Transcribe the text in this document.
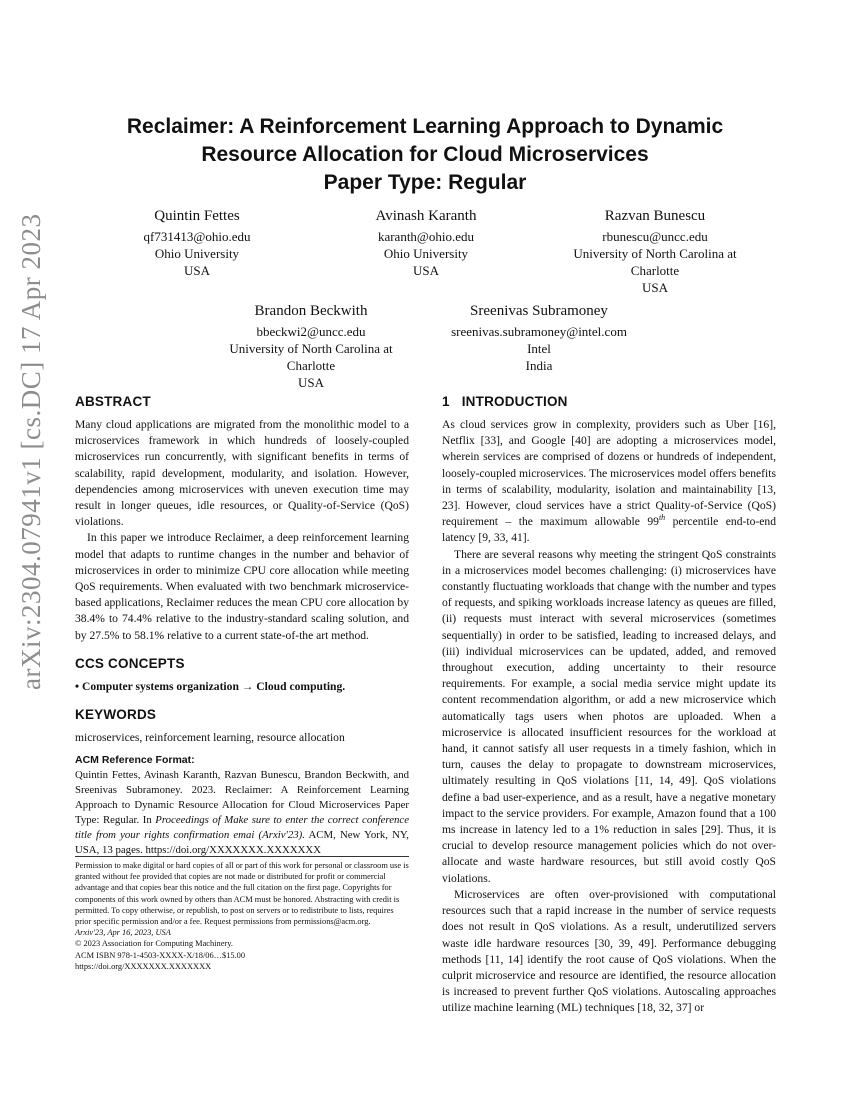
arXiv:2304.07941v1 [cs.DC] 17 Apr 2023
Reclaimer: A Reinforcement Learning Approach to Dynamic
Resource Allocation for Cloud Microservices
Paper Type: Regular
Quintin Fettes
qf731413@ohio.edu
Ohio University
USA
Avinash Karanth
karanth@ohio.edu
Ohio University
USA
Razvan Bunescu
rbunescu@uncc.edu
University of North Carolina at
Charlotte
USA
Brandon Beckwith
bbeckwi2@uncc.edu
University of North Carolina at
Charlotte
USA
Sreenivas Subramoney
sreenivas.subramoney@intel.com
Intel
India
ABSTRACT

Many cloud applications are migrated from the monolithic model to a microservices framework in which hundreds of loosely-coupled microservices run concurrently, with significant benefits in terms of scalability, rapid development, modularity, and isolation. However, dependencies among microservices with uneven execution time may result in longer queues, idle resources, or Quality-of-Service (QoS) violations.

In this paper we introduce Reclaimer, a deep reinforcement learning model that adapts to runtime changes in the number and behavior of microservices in order to minimize CPU core allocation while meeting QoS requirements. When evaluated with two benchmark microservice-based applications, Reclaimer reduces the mean CPU core allocation by 38.4% to 74.4% relative to the industry-standard scaling solution, and by 27.5% to 58.1% relative to a current state-of-the art method.

CCS CONCEPTS

• Computer systems organization → Cloud computing.

KEYWORDS

microservices, reinforcement learning, resource allocation

ACM Reference Format:

Quintin Fettes, Avinash Karanth, Razvan Bunescu, Brandon Beckwith, and Sreenivas Subramoney. 2023. Reclaimer: A Reinforcement Learning Approach to Dynamic Resource Allocation for Cloud Microservices Paper Type: Regular. In Proceedings of Make sure to enter the correct conference title from your rights confirmation emai (Arxiv'23). ACM, New York, NY, USA, 13 pages. https://doi.org/XXXXXXX.XXXXXXX

Permission to make digital or hard copies of all or part of this work for personal or classroom use is granted without fee provided that copies are not made or distributed for profit or commercial advantage and that copies bear this notice and the full citation on the first page. Copyrights for components of this work owned by others than ACM must be honored. Abstracting with credit is permitted. To copy otherwise, or republish, to post on servers or to redistribute to lists, requires prior specific permission and/or a fee. Request permissions from permissions@acm.org.

Arxiv'23, Apr 16, 2023, USA

© 2023 Association for Computing Machinery.

ACM ISBN 978-1-4503-XXXX-X/18/06…$15.00

https://doi.org/XXXXXXX.XXXXXXX

1 INTRODUCTION

As cloud services grow in complexity, providers such as Uber [16], Netflix [33], and Google [40] are adopting a microservices model, wherein services are comprised of dozens or hundreds of independent, loosely-coupled microservices. The microservices model offers benefits in terms of scalability, modularity, isolation and maintainability [13, 23]. However, cloud services have a strict Quality-of-Service (QoS) requirement – the maximum allowable 99th percentile end-to-end latency [9, 33, 41].

There are several reasons why meeting the stringent QoS constraints in a microservices model becomes challenging: (i) microservices have constantly fluctuating workloads that change with the number and types of requests, and spiking workloads increase latency as queues are filled, (ii) requests must interact with several microservices (sometimes sequentially) in order to be satisfied, leading to increased delays, and (iii) individual microservices can be updated, added, and removed throughout execution, adding uncertainty to their resource requirements. For example, a social media service might update its content recommendation algorithm, or add a new microservice which automatically tags users when photos are uploaded. When a microservice is allocated insufficient resources for the workload at hand, it cannot satisfy all user requests in a timely fashion, which in turn, causes the delay to propagate to downstream microservices, ultimately resulting in QoS violations [11, 14, 49]. QoS violations define a bad user-experience, and as a result, have a negative monetary impact to the service providers. For example, Amazon found that a 100 ms increase in latency led to a 1% reduction in sales [29]. Thus, it is crucial to develop resource management policies which do not over-allocate and waste hardware resources, but still avoid costly QoS violations.

Microservices are often over-provisioned with computational resources such that a rapid increase in the number of service requests does not result in QoS violations. As a result, underutilized servers waste idle hardware resources [30, 39, 49]. Performance debugging methods [11, 14] identify the root cause of QoS violations. When the culprit microservice and resource are identified, the resource allocation is increased to prevent further QoS violations. Autoscaling approaches utilize machine learning (ML) techniques [18, 32, 37] or
